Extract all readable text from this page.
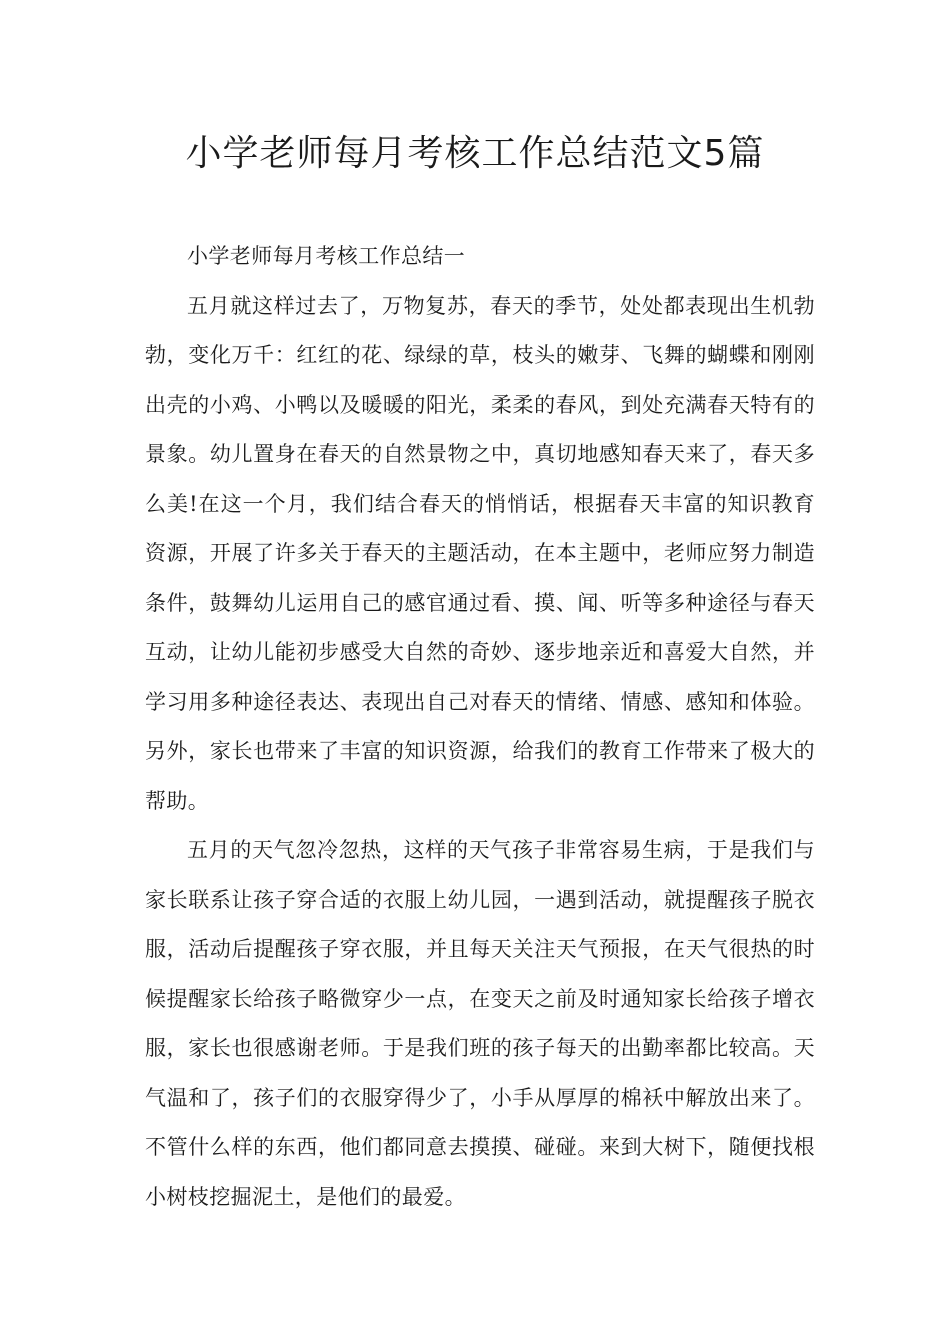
小学老师每月考核工作总结范文5篇

小学老师每月考核工作总结一

五月就这样过去了，万物复苏，春天的季节，处处都表现出生机勃勃，变化万千：红红的花、绿绿的草，枝头的嫩芽、飞舞的蝴蝶和刚刚出壳的小鸡、小鸭以及暖暖的阳光，柔柔的春风，到处充满春天特有的景象。幼儿置身在春天的自然景物之中，真切地感知春天来了，春天多么美!在这一个月，我们结合春天的悄悄话，根据春天丰富的知识教育资源，开展了许多关于春天的主题活动，在本主题中，老师应努力制造条件，鼓舞幼儿运用自己的感官通过看、摸、闻、听等多种途径与春天互动，让幼儿能初步感受大自然的奇妙、逐步地亲近和喜爱大自然，并学习用多种途径表达、表现出自己对春天的情绪、情感、感知和体验。另外，家长也带来了丰富的知识资源，给我们的教育工作带来了极大的帮助。

五月的天气忽冷忽热，这样的天气孩子非常容易生病，于是我们与家长联系让孩子穿合适的衣服上幼儿园，一遇到活动，就提醒孩子脱衣服，活动后提醒孩子穿衣服，并且每天关注天气预报，在天气很热的时候提醒家长给孩子略微穿少一点，在变天之前及时通知家长给孩子增衣服，家长也很感谢老师。于是我们班的孩子每天的出勤率都比较高。天气温和了，孩子们的衣服穿得少了，小手从厚厚的棉袄中解放出来了。不管什么样的东西，他们都同意去摸摸、碰碰。来到大树下，随便找根小树枝挖掘泥土，是他们的最爱。
